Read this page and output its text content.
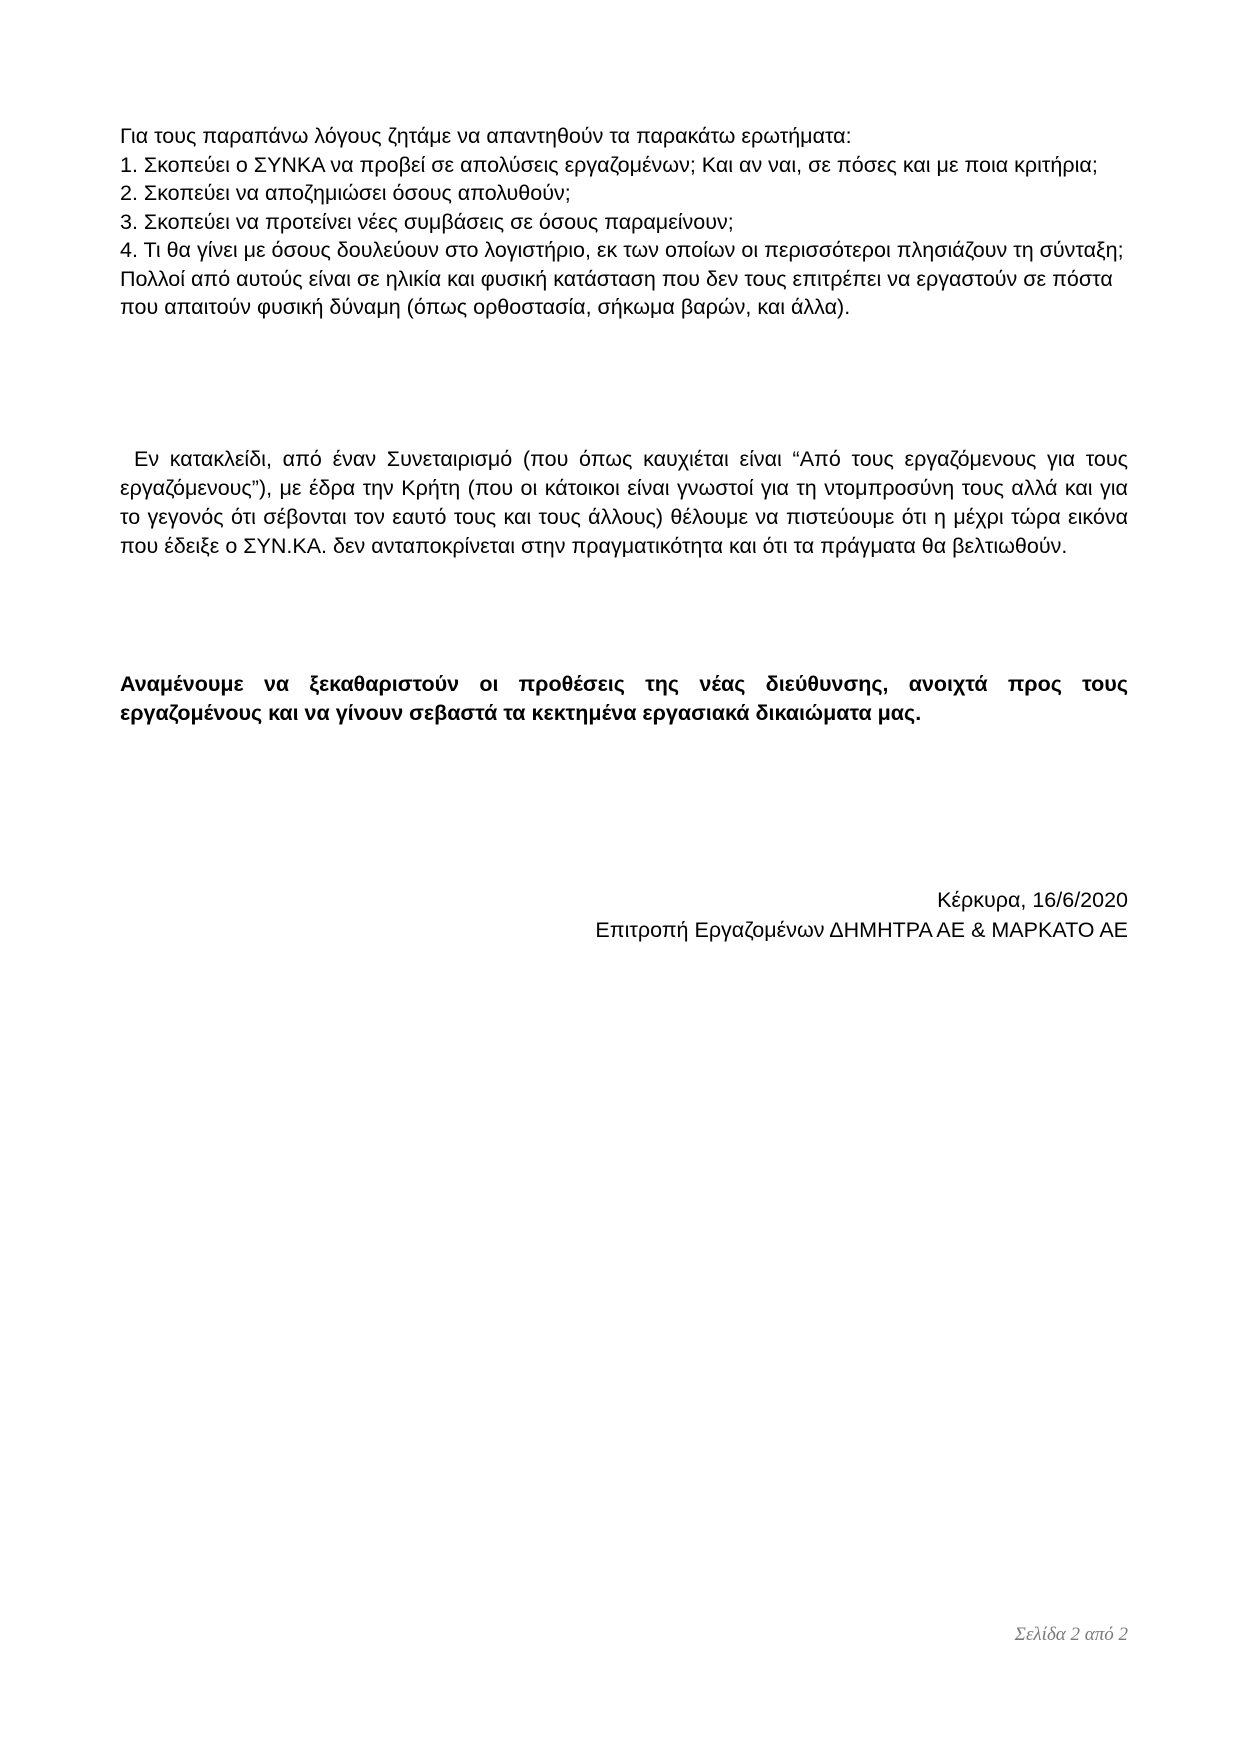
Για τους παραπάνω λόγους ζητάμε να απαντηθούν τα παρακάτω ερωτήματα:

1. Σκοπεύει ο ΣΥΝΚΑ να προβεί σε απολύσεις εργαζομένων; Και αν ναι, σε πόσες και με ποια κριτήρια;

2. Σκοπεύει να αποζημιώσει όσους απολυθούν;

3. Σκοπεύει να προτείνει νέες συμβάσεις σε όσους παραμείνουν;

4. Τι θα γίνει με όσους δουλεύουν στο λογιστήριο, εκ των οποίων οι περισσότεροι πλησιάζουν τη σύνταξη; Πολλοί από αυτούς είναι σε ηλικία και φυσική κατάσταση που δεν τους επιτρέπει να εργαστούν σε πόστα που απαιτούν φυσική δύναμη (όπως ορθοστασία, σήκωμα βαρών, και άλλα).

Εν κατακλείδι, από έναν Συνεταιρισμό (που όπως καυχιέται είναι “Από τους εργαζόμενους για τους εργαζόμενους”), με έδρα την Κρήτη (που οι κάτοικοι είναι γνωστοί για τη ντομπροσύνη τους αλλά και για το γεγονός ότι σέβονται τον εαυτό τους και τους άλλους) θέλουμε να πιστεύουμε ότι η μέχρι τώρα εικόνα που έδειξε ο ΣΥΝ.ΚΑ. δεν ανταποκρίνεται στην πραγματικότητα και ότι τα πράγματα θα βελτιωθούν.

Αναμένουμε να ξεκαθαριστούν οι προθέσεις της νέας διεύθυνσης, ανοιχτά προς τους εργαζομένους και να γίνουν σεβαστά τα κεκτημένα εργασιακά δικαιώματα μας.

Κέρκυρα, 16/6/2020
Επιτροπή Εργαζομένων ΔΗΜΗΤΡΑ ΑΕ & ΜΑΡΚΑΤΟ ΑΕ
Σελίδα 2 από 2
